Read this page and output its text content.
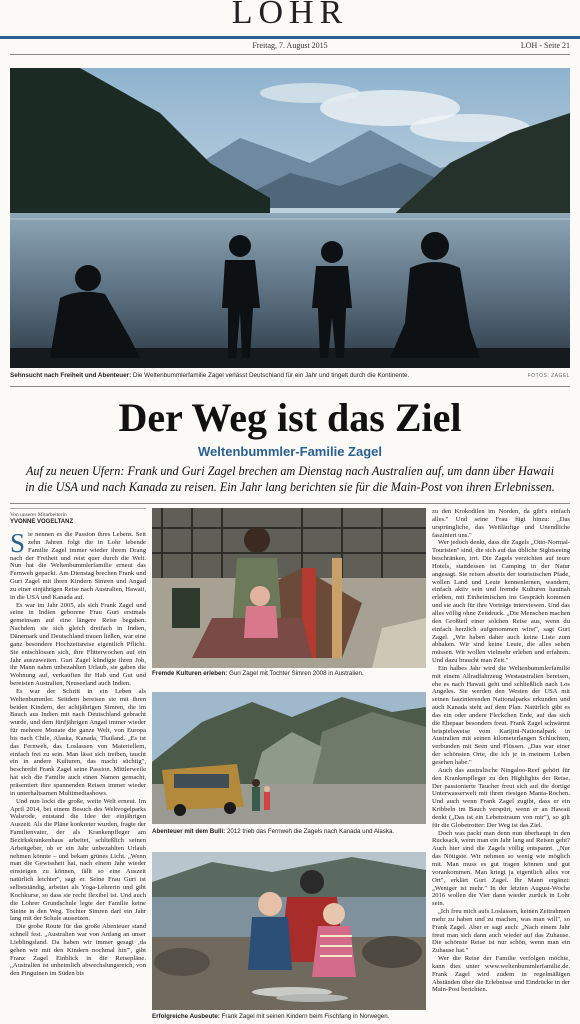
LOHR
Freitag, 7. August 2015	LOH - Seite 21
Sehnsucht nach Freiheit und Abenteuer: Die Weltenbummlerfamilie Zagel verlässt Deutschland für ein Jahr und tingelt durch die Kontinente.	FOTOS: ZAGEL
Der Weg ist das Ziel
Weltenbummler-Familie Zagel
Auf zu neuen Ufern: Frank und Guri Zagel brechen am Dienstag nach Australien auf, um dann über Hawaii in die USA und nach Kanada zu reisen. Ein Jahr lang berichten sie für die Main-Post von ihren Erlebnissen.
Von unserer Mitarbeiterin
YVONNE VOGELTANZ

Sie nennen es die Passion ihres Lebens. Seit zehn Jahren folgt die in Lohr lebende Familie Zagel immer wieder ihrem Drang nach der Freiheit und reist quer durch die Welt. Nun hat die Weltenbummlerfamilie erneut das Fernweh gepackt. Am Dienstag brechen Frank und Guri Zagel mit ihren Kindern Simren und Angad zu einer einjährigen Reise nach Australien, Hawaii, in die USA und Kanada auf.

Es war im Jahr 2005, als sich Frank Zagel und seine in Indien geborene Frau Guri erstmals gemeinsam auf eine längere Reise begaben. Nachdem sie sich gleich dreifach in Indien, Dänemark und Deutschland trauen ließen, war eine ganz besondere Hochzeitsreise eigentlich Pflicht. Sie entschlossen sich, ihre Flitterwochen auf ein Jahr auszuweiten. Guri Zagel kündigte ihren Job, ihr Mann nahm unbezahlten Urlaub, sie gaben die Wohnung auf, verkauften ihr Hab und Gut und bereisten Australien, Neuseeland auch Indien.

Es war der Schritt in ein Leben als Weltenbummler. Seitdem bereisen sie mit ihren beiden Kindern, der achtjährigen Simren, die im Bauch aus Indien mit nach Deutschland gebracht wurde, und dem fünfjährigen Angad immer wieder für mehrere Monate die ganze Welt, von Europa bis nach Chile, Alaska, Kanada, Thailand. „Es ist das Fernweh, das Loslassen von Materiellem, einfach frei zu sein. Man lässt sich treiben, taucht ein in andere Kulturen, das macht süchtig", beschreibt Frank Zagel seine Passion. Mittlerweile hat sich die Familie auch einen Namen gemacht, präsentiert ihre spannenden Reisen immer wieder in unterhaltsamen Multimediashows.

Und nun lockt die große, weite Welt erneut. Im April 2014, bei einem Besuch des Weltvogelparks Walsrode, entstand die Idee der einjährigen Auszeit. Als die Pläne konkreter wurden, fragte der Familienvater, der als Krankenpfleger am Bezirkskrankenhaus arbeitet, schließlich seinen Arbeitgeber, ob er ein Jahr unbezahlten Urlaub nehmen könnte – und bekam grünes Licht. „Wenn man die Gewissheit hat, nach einem Jahr wieder einsteigen zu können, fällt so eine Auszeit natürlich leichter", sagt er. Seine Frau Guri ist selbstständig, arbeitet als Yoga-Lehrerin und gibt Kochkurse, so dass sie recht flexibel ist. Und auch die Lohrer Grundschule legte der Familie keine Steine in den Weg. Tochter Simren darf ein Jahr lang mit der Schule aussetzen.

Die grobe Route für das große Abenteuer stand schnell fest. „Australien war von Anfang an unser Lieblingsland. Da haben wir immer gesagt ‚da gehen wir mit den Kindern nochmal hin'", gibt Franz Zagel Einblick in die Reisepläne. „Australien ist unheimlich abwechslungsreich, von den Pinguinen im Süden bis

Fremde Kulturen erleben: Guri Zagel mit Tochter Simren 2008 in Australien.
Abenteuer mit dem Bulli: 2012 trieb das Fernweh die Zagels nach Kanada und Alaska.
Erfolgreiche Ausbeute: Frank Zagel mit seinen Kindern beim Fischfang in Norwegen.

zu den Krokodilen im Norden, da gibt's einfach alles." Und seine Frau fügt hinzu: „Das ursprüngliche, das Weitläufige und Unendliche fasziniert uns."

Wer jedoch denkt, dass die Zagels „Otto-Normal-Touristen" sind, die sich auf das übliche Sightseeing beschränken, irrt. Die Zagels verzichten auf teure Hotels, stattdessen ist Camping in der Natur angesagt. Sie reisen abseits der touristischen Pfade, wollen Land und Leute kennenlernen, wandern, einfach aktiv sein und fremde Kulturen hautnah erleben, mit Einheimischen ins Gespräch kommen und sie auch für ihre Vorträge interviewen. Und das alles völlig ohne Zeitdruck. „Die Menschen machen den Großteil einer solchen Reise aus, wenn du einfach herzlich aufgenommen wirst", sagt Guri Zagel. „Wir haben daher auch keine Liste zum abhaken. Wir sind keine Leute, die alles sehen müssen. Wir wollen vielmehr erleben und erfahren. Und dazu braucht man Zeit."

Ein halbes Jahr wird die Weltenbummlerfamilie mit einem Allradfahrzeug Westaustralien bereisen, ehe es nach Hawaii geht und schließlich nach Los Angeles. Sie werden den Westen der USA mit seinen faszinierenden Nationalparks erkunden und auch Kanada steht auf dem Plan. Natürlich gibt es das ein oder andere Fleckchen Erde, auf das sich die Ehepaar besonders freut. Frank Zagel schwärmt beispielsweise vom Karijini-Nationalpark in Australien mit seinen kilometerlangen Schluchten, verbunden mit Seen und Flüssen. „Das war einer der schönsten Orte, die ich je in meinem Leben gesehen habe."

Auch das australische Ningaloo-Reef gehört für den Krankenpfleger zu den Highlights der Reise. Der passionierte Taucher freut sich auf die dortige Unterwasserwelt mit ihren riesigen Manta-Rochen. Und auch wenn Frank Zagel zugibt, dass er ein Kribbeln im Bauch verspürt, wenn er an Hawaii denkt („Das ist ein Lebenstraum von mir"), so gilt für die Globetrotter: Der Weg ist das Ziel.

Doch was packt man denn nun überhaupt in den Rucksack, wenn man ein Jahr lang auf Reisen geht? Auch hier sind die Zagels völlig entspannt. „Nur das Nötigste. Wir nehmen so wenig wie möglich mit. Man muss es gut tragen können und gut vorankommen. Man kriegt ja eigentlich alles vor Ort", erklärt Guri Zagel. Ihr Mann ergänzt: „Weniger ist mehr." In der letzten August-Woche 2016 wollen die Vier dann wieder zurück in Lohr sein.

„Ich freu mich aufs Loslassen, keinen Zeitrahmen mehr zu haben und zu machen, was man will", so Frank Zagel. Aber er sagt auch: „Nach einem Jahr freut man sich dann auch wieder auf das Zuhause. Die schönste Reise ist nur schön, wenn man ein Zuhause hat."

Wer die Reise der Familie verfolgen möchte, kann dies unter www.weltenbummlerfamilie.de. Frank Zagel wird zudem in regelmäßigen Abständen über die Erlebnisse und Eindrücke in der Main-Post berichten.
